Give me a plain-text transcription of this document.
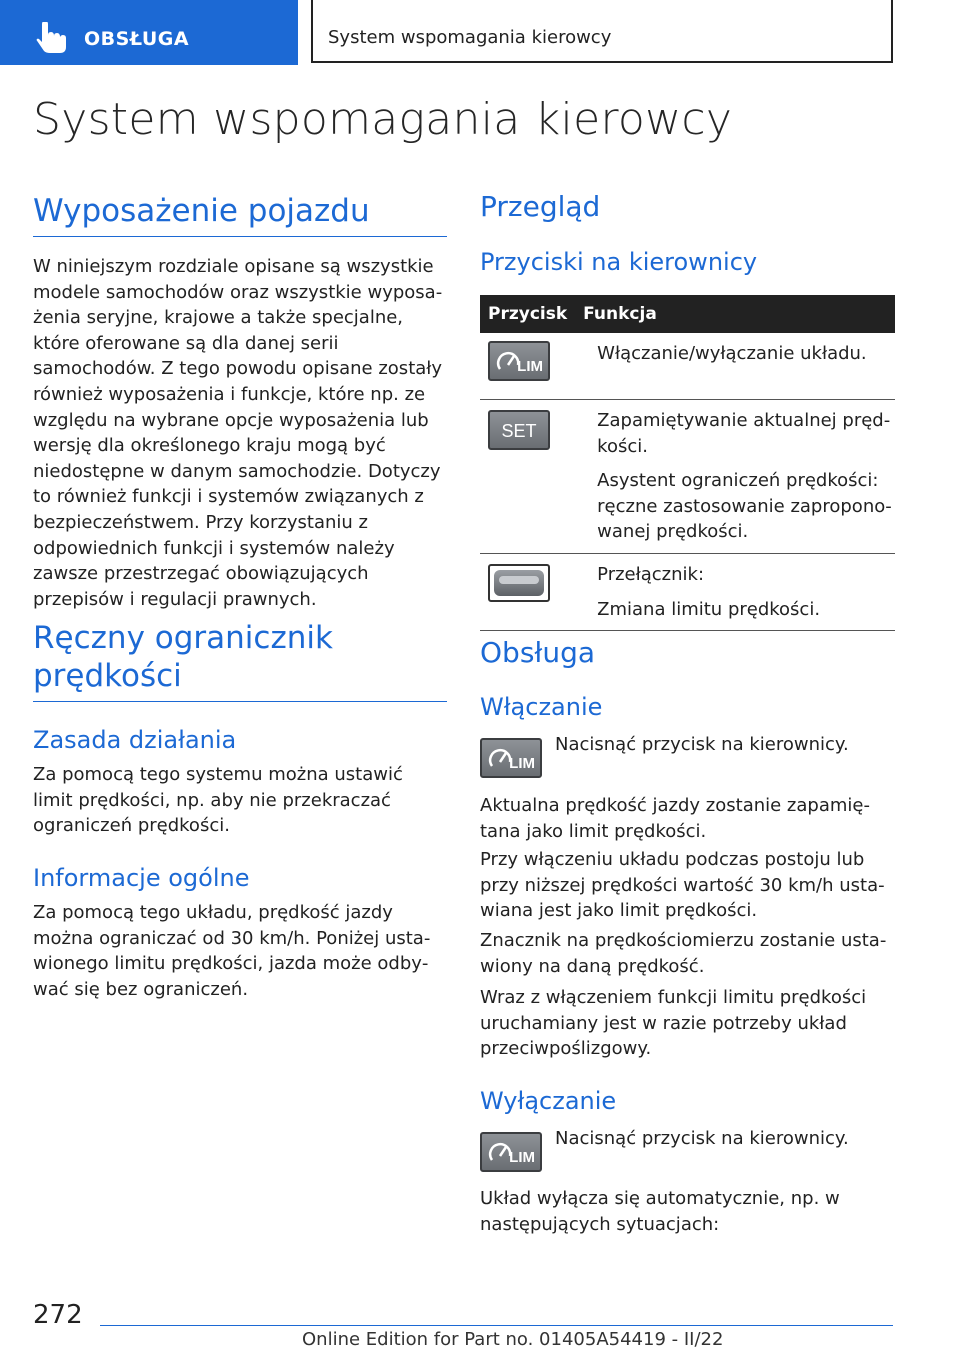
OBSŁUGA	System wspomagania kierowcy
System wspomagania kierowcy
Wyposażenie pojazdu

W niniejszym rozdziale opisane są wszystkie modele samochodów oraz wszystkie wyposażenia seryjne, krajowe a także specjalne, które oferowane są dla danej serii samochodów. Z tego powodu opisane zostały również wyposażenia i funkcje, które np. ze względu na wybrane opcje wyposażenia lub wersję dla określonego kraju mogą być niedostępne w danym samochodzie. Dotyczy to również funkcji i systemów związanych z bezpieczeństwem. Przy korzystaniu z odpowiednich funkcji i systemów należy zawsze przestrzegać obowiązujących przepisów i regulacji prawnych.

Ręczny ogranicznik
prędkości
Zasada działania

Za pomocą tego systemu można ustawić limit prędkości, np. aby nie przekraczać ograniczeń prędkości.

Informacje ogólne

Za pomocą tego układu, prędkość jazdy można ograniczać od 30 km/h. Poniżej ustawionego limitu prędkości, jazda może odbywać się bez ograniczeń.

Przegląd
Przyciski na kierownicy
Przycisk	Funkcja

LIM	Włączanie/wyłączanie układu.

SET	Zapamiętywanie aktualnej prędkości.

Asystent ograniczeń prędkości: ręczne zastosowanie zaproponowanej prędkości.

	Przełącznik:

Zmiana limitu prędkości.

Obsługa
Włączanie
LIM

Nacisnąć przycisk na kierownicy.

Aktualna prędkość jazdy zostanie zapamiętana jako limit prędkości.

Przy włączeniu układu podczas postoju lub przy niższej prędkości wartość 30 km/h ustawiana jest jako limit prędkości.

Znacznik na prędkościomierzu zostanie ustawiony na daną prędkość.

Wraz z włączeniem funkcji limitu prędkości uruchamiany jest w razie potrzeby układ przeciwpoślizgowy.

Wyłączanie
LIM

Nacisnąć przycisk na kierownicy.

Układ wyłącza się automatycznie, np. w następujących sytuacjach:

272
Online Edition for Part no. 01405A54419 - II/22
